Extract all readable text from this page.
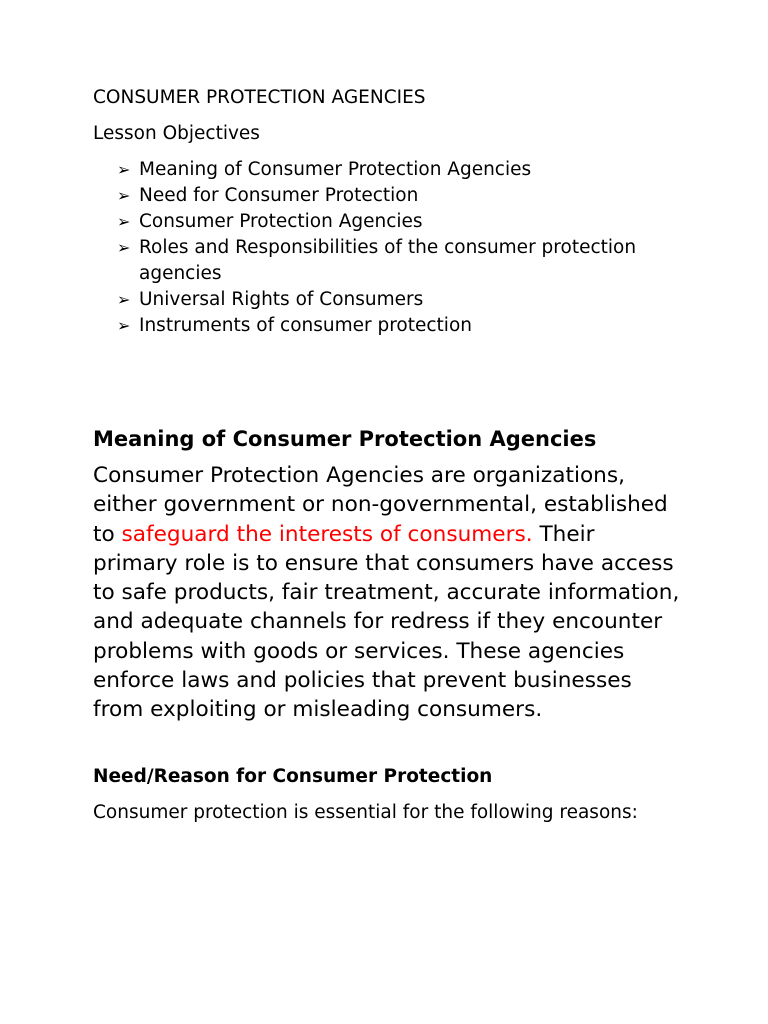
CONSUMER PROTECTION AGENCIES
Lesson Objectives
➢ Meaning of Consumer Protection Agencies
➢ Need for Consumer Protection
➢ Consumer Protection Agencies
➢ Roles and Responsibilities of the consumer protection agencies
➢ Universal Rights of Consumers
➢ Instruments of consumer protection
Meaning of Consumer Protection Agencies

Consumer Protection Agencies are organizations, either government or non-governmental, established to safeguard the interests of consumers. Their primary role is to ensure that consumers have access to safe products, fair treatment, accurate information, and adequate channels for redress if they encounter problems with goods or services. These agencies enforce laws and policies that prevent businesses from exploiting or misleading consumers.

Need/Reason for Consumer Protection

Consumer protection is essential for the following reasons:
